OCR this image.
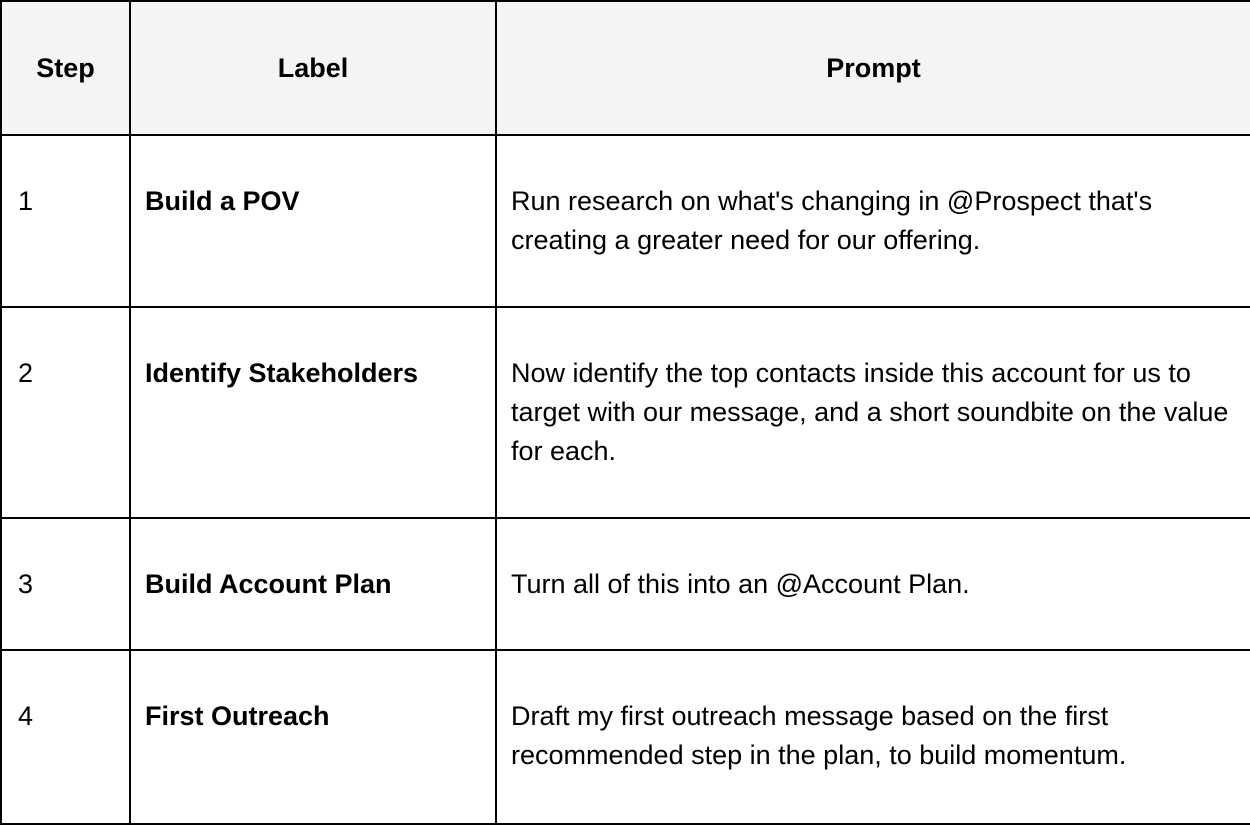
Step	Label	Prompt
1	Build a POV	Run research on what's changing in @Prospect that's creating a greater need for our offering.
2	Identify Stakeholders	Now identify the top contacts inside this account for us to target with our message, and a short soundbite on the value for each.
3	Build Account Plan	Turn all of this into an @Account Plan.
4	First Outreach	Draft my first outreach message based on the first recommended step in the plan, to build momentum.
